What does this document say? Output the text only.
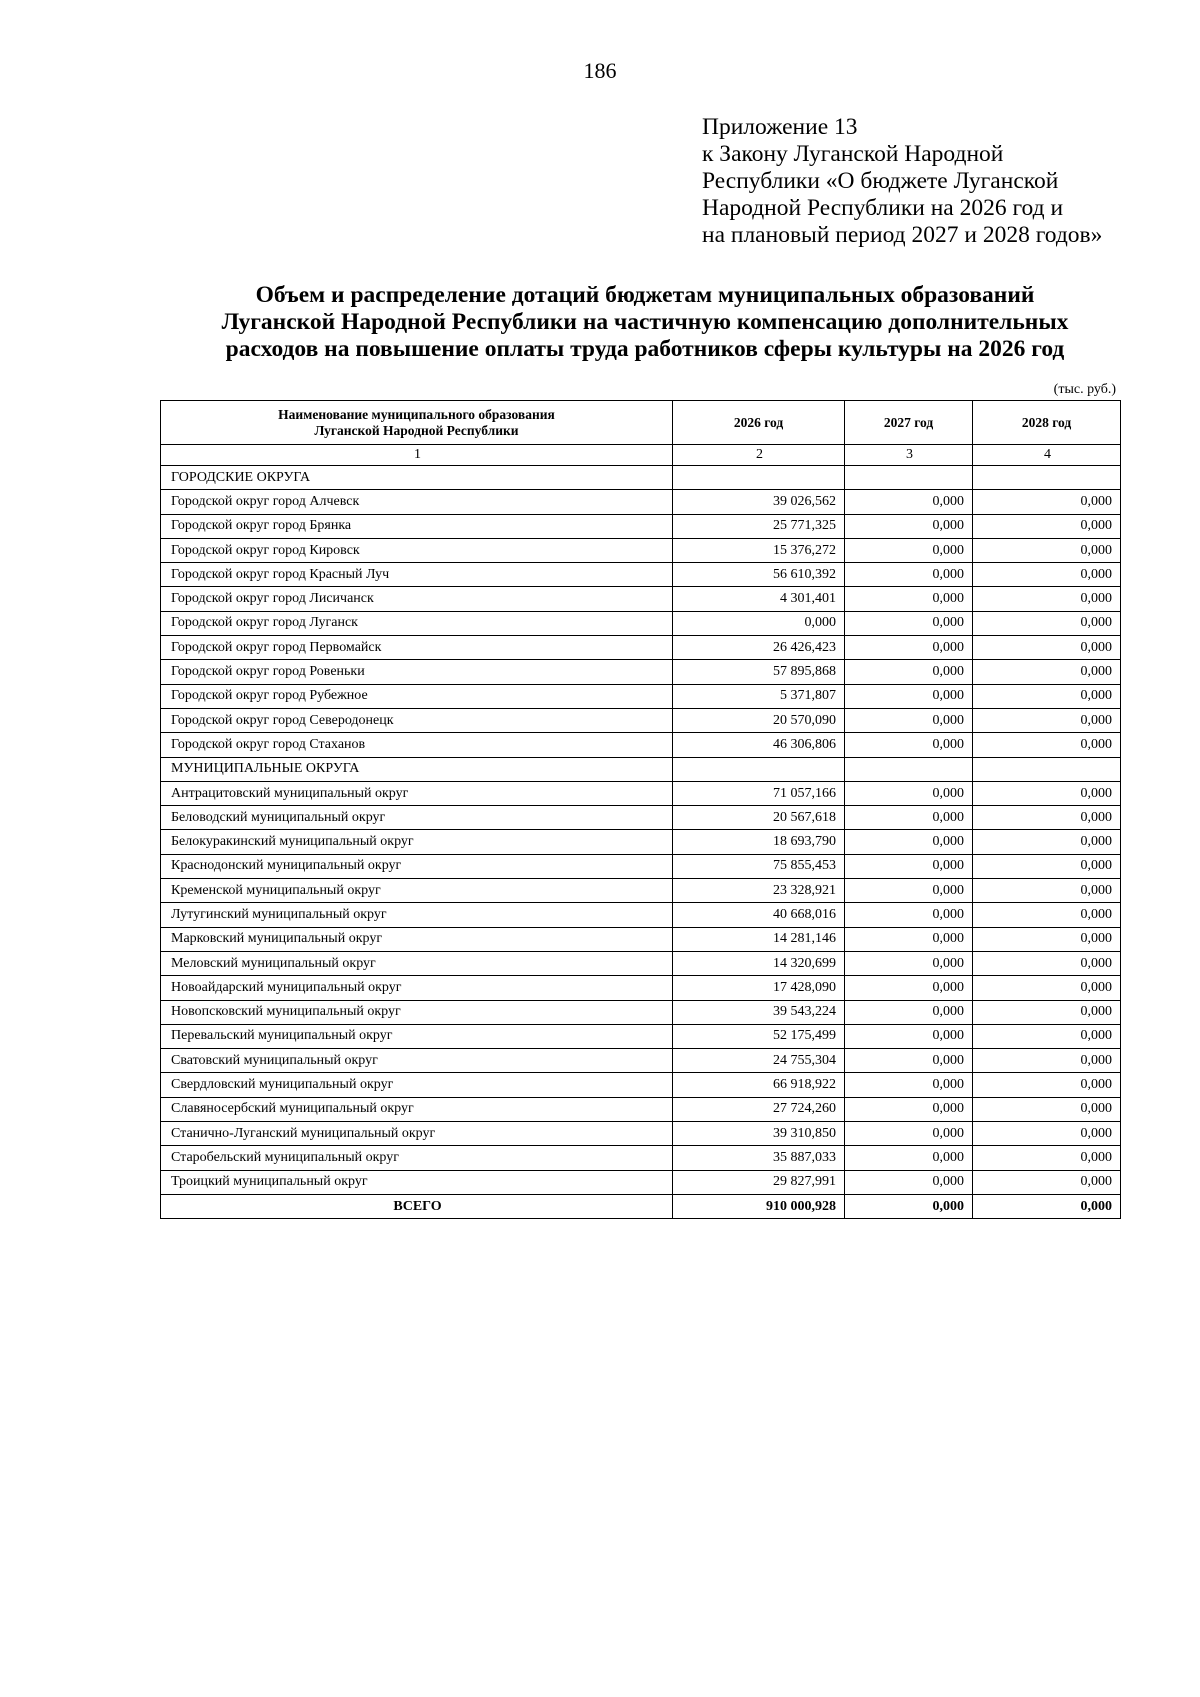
186
Приложение 13
к Закону Луганской Народной
Республики «О бюджете Луганской
Народной Республики на 2026 год и
на плановый период 2027 и 2028 годов»
Объем и распределение дотаций бюджетам муниципальных образований
Луганской Народной Республики на частичную компенсацию дополнительных
расходов на повышение оплаты труда работников сферы культуры на 2026 год
(тыс. руб.)
Наименование муниципального образования
Луганской Народной Республики	2026 год	2027 год	2028 год
1	2	3	4
ГОРОДСКИЕ ОКРУГА			
Городской округ город Алчевск	39 026,562	0,000	0,000
Городской округ город Брянка	25 771,325	0,000	0,000
Городской округ город Кировск	15 376,272	0,000	0,000
Городской округ город Красный Луч	56 610,392	0,000	0,000
Городской округ город Лисичанск	4 301,401	0,000	0,000
Городской округ город Луганск	0,000	0,000	0,000
Городской округ город Первомайск	26 426,423	0,000	0,000
Городской округ город Ровеньки	57 895,868	0,000	0,000
Городской округ город Рубежное	5 371,807	0,000	0,000
Городской округ город Северодонецк	20 570,090	0,000	0,000
Городской округ город Стаханов	46 306,806	0,000	0,000
МУНИЦИПАЛЬНЫЕ ОКРУГА			
Антрацитовский муниципальный округ	71 057,166	0,000	0,000
Беловодский муниципальный округ	20 567,618	0,000	0,000
Белокуракинский муниципальный округ	18 693,790	0,000	0,000
Краснодонский муниципальный округ	75 855,453	0,000	0,000
Кременской муниципальный округ	23 328,921	0,000	0,000
Лутугинский муниципальный округ	40 668,016	0,000	0,000
Марковский муниципальный округ	14 281,146	0,000	0,000
Меловский муниципальный округ	14 320,699	0,000	0,000
Новоайдарский муниципальный округ	17 428,090	0,000	0,000
Новопсковский муниципальный округ	39 543,224	0,000	0,000
Перевальский муниципальный округ	52 175,499	0,000	0,000
Сватовский муниципальный округ	24 755,304	0,000	0,000
Свердловский муниципальный округ	66 918,922	0,000	0,000
Славяносербский муниципальный округ	27 724,260	0,000	0,000
Станично-Луганский муниципальный округ	39 310,850	0,000	0,000
Старобельский муниципальный округ	35 887,033	0,000	0,000
Троицкий муниципальный округ	29 827,991	0,000	0,000
ВСЕГО	910 000,928	0,000	0,000
